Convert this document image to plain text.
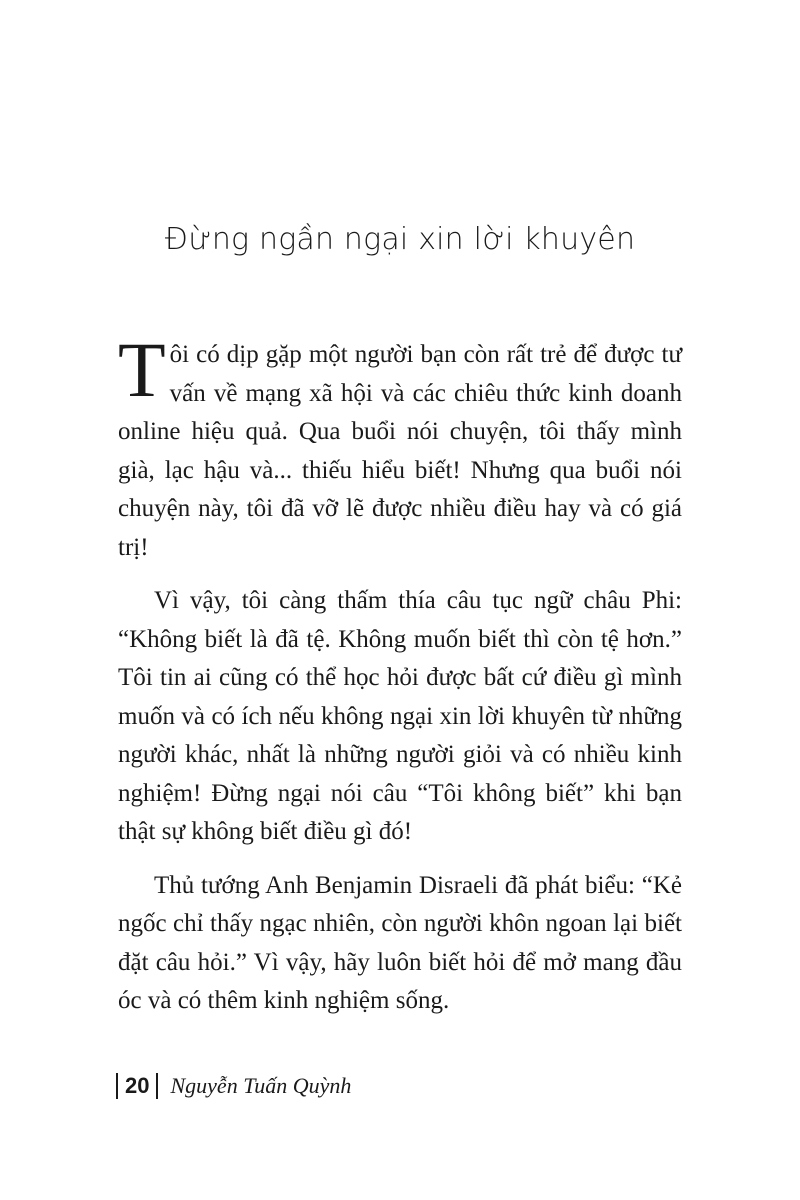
Đừng ngần ngại xin lời khuyên

Tôi có dịp gặp một người bạn còn rất trẻ để được tư vấn về mạng xã hội và các chiêu thức kinh doanh online hiệu quả. Qua buổi nói chuyện, tôi thấy mình già, lạc hậu và... thiếu hiểu biết! Nhưng qua buổi nói chuyện này, tôi đã vỡ lẽ được nhiều điều hay và có giá trị!

Vì vậy, tôi càng thấm thía câu tục ngữ châu Phi: “Không biết là đã tệ. Không muốn biết thì còn tệ hơn.” Tôi tin ai cũng có thể học hỏi được bất cứ điều gì mình muốn và có ích nếu không ngại xin lời khuyên từ những người khác, nhất là những người giỏi và có nhiều kinh nghiệm! Đừng ngại nói câu “Tôi không biết” khi bạn thật sự không biết điều gì đó!

Thủ tướng Anh Benjamin Disraeli đã phát biểu: “Kẻ ngốc chỉ thấy ngạc nhiên, còn người khôn ngoan lại biết đặt câu hỏi.” Vì vậy, hãy luôn biết hỏi để mở mang đầu óc và có thêm kinh nghiệm sống.

20 Nguyễn Tuấn Quỳnh
